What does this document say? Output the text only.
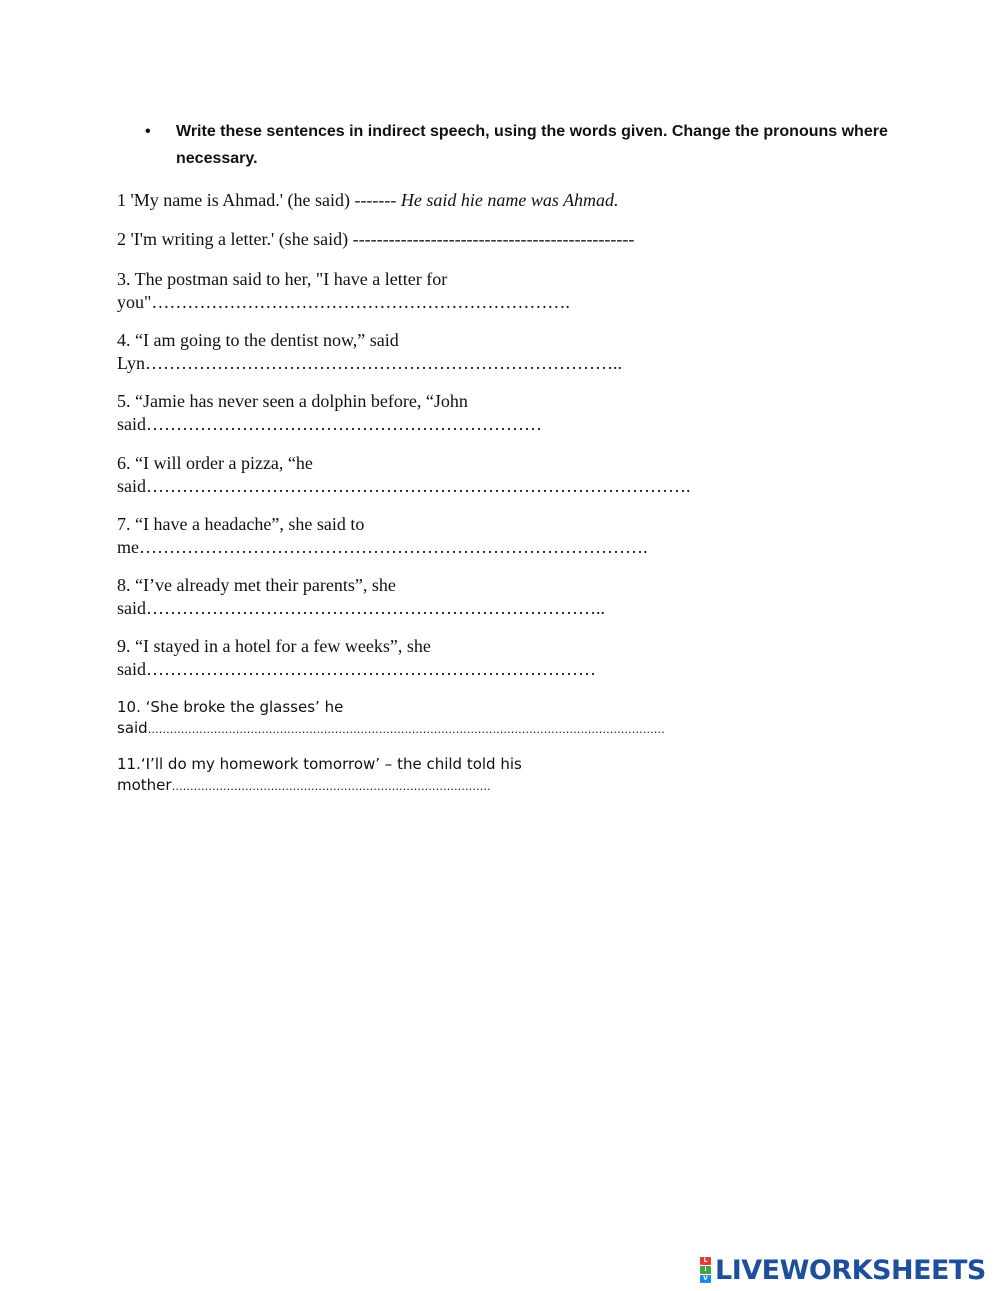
• Write these sentences in indirect speech, using the words given. Change the pronouns where necessary.
1 'My name is Ahmad.' (he said) ------- He said hie name was Ahmad.
2 'I'm writing a letter.' (she said) -----------------------------------------------
3. The postman said to her, "I have a letter for
you"…………………………………………………………….
4. “I am going to the dentist now,” said
Lyn……………………………………………………………………..
5. “Jamie has never seen a dolphin before, “John
said…………………………………………………………
6. “I will order a pizza, “he
said……………………………………………………………………………….
7. “I have a headache”, she said to
me………………………………………………………………………….
8. “I’ve already met their parents”, she
said…………………………………………………………………..
9. “I stayed in a hotel for a few weeks”, she
said…………………………………………………………………
10. ‘She broke the glasses’ he
said……………………………………………………………………………………………………………………………
11.‘I’ll do my homework tomorrow’ – the child told his
mother……………………………………………………………………………
L
I
V LIVEWORKSHEETS
